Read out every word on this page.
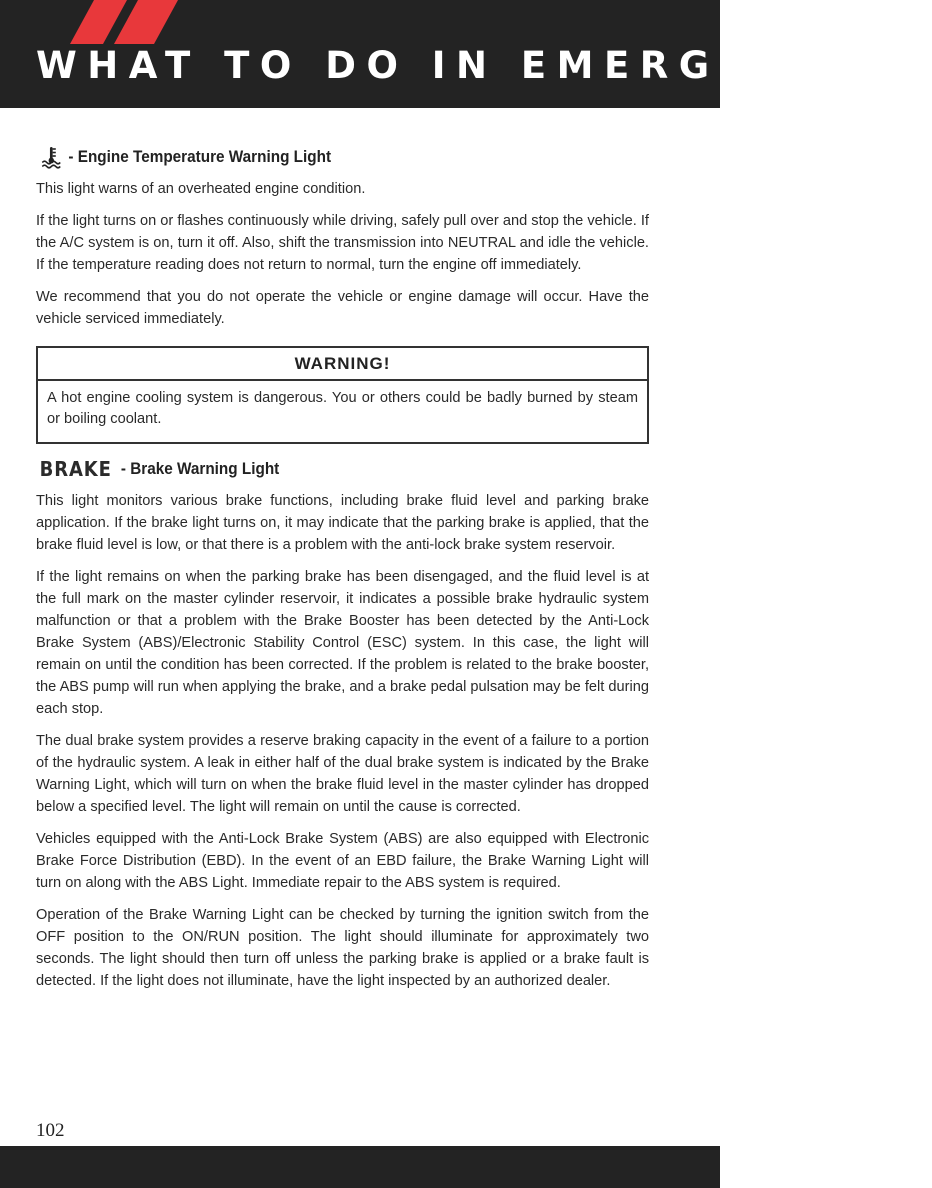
WHAT TO DO IN EMERGENCIES
- Engine Temperature Warning Light

This light warns of an overheated engine condition.

If the light turns on or flashes continuously while driving, safely pull over and stop the vehicle. If the A/C system is on, turn it off. Also, shift the transmission into NEUTRAL and idle the vehicle. If the temperature reading does not return to normal, turn the engine off immediately.

We recommend that you do not operate the vehicle or engine damage will occur. Have the vehicle serviced immediately.

WARNING!
A hot engine cooling system is dangerous. You or others could be badly burned by steam or boiling coolant.
BRAKE - Brake Warning Light

This light monitors various brake functions, including brake fluid level and parking brake application. If the brake light turns on, it may indicate that the parking brake is applied, that the brake fluid level is low, or that there is a problem with the anti-lock brake system reservoir.

If the light remains on when the parking brake has been disengaged, and the fluid level is at the full mark on the master cylinder reservoir, it indicates a possible brake hydraulic system malfunction or that a problem with the Brake Booster has been detected by the Anti-Lock Brake System (ABS)/Electronic Stability Control (ESC) system. In this case, the light will remain on until the condition has been corrected. If the problem is related to the brake booster, the ABS pump will run when applying the brake, and a brake pedal pulsation may be felt during each stop.

The dual brake system provides a reserve braking capacity in the event of a failure to a portion of the hydraulic system. A leak in either half of the dual brake system is indicated by the Brake Warning Light, which will turn on when the brake fluid level in the master cylinder has dropped below a specified level. The light will remain on until the cause is corrected.

Vehicles equipped with the Anti-Lock Brake System (ABS) are also equipped with Electronic Brake Force Distribution (EBD). In the event of an EBD failure, the Brake Warning Light will turn on along with the ABS Light. Immediate repair to the ABS system is required.

Operation of the Brake Warning Light can be checked by turning the ignition switch from the OFF position to the ON/RUN position. The light should illuminate for approximately two seconds. The light should then turn off unless the parking brake is applied or a brake fault is detected. If the light does not illuminate, have the light inspected by an authorized dealer.

102
